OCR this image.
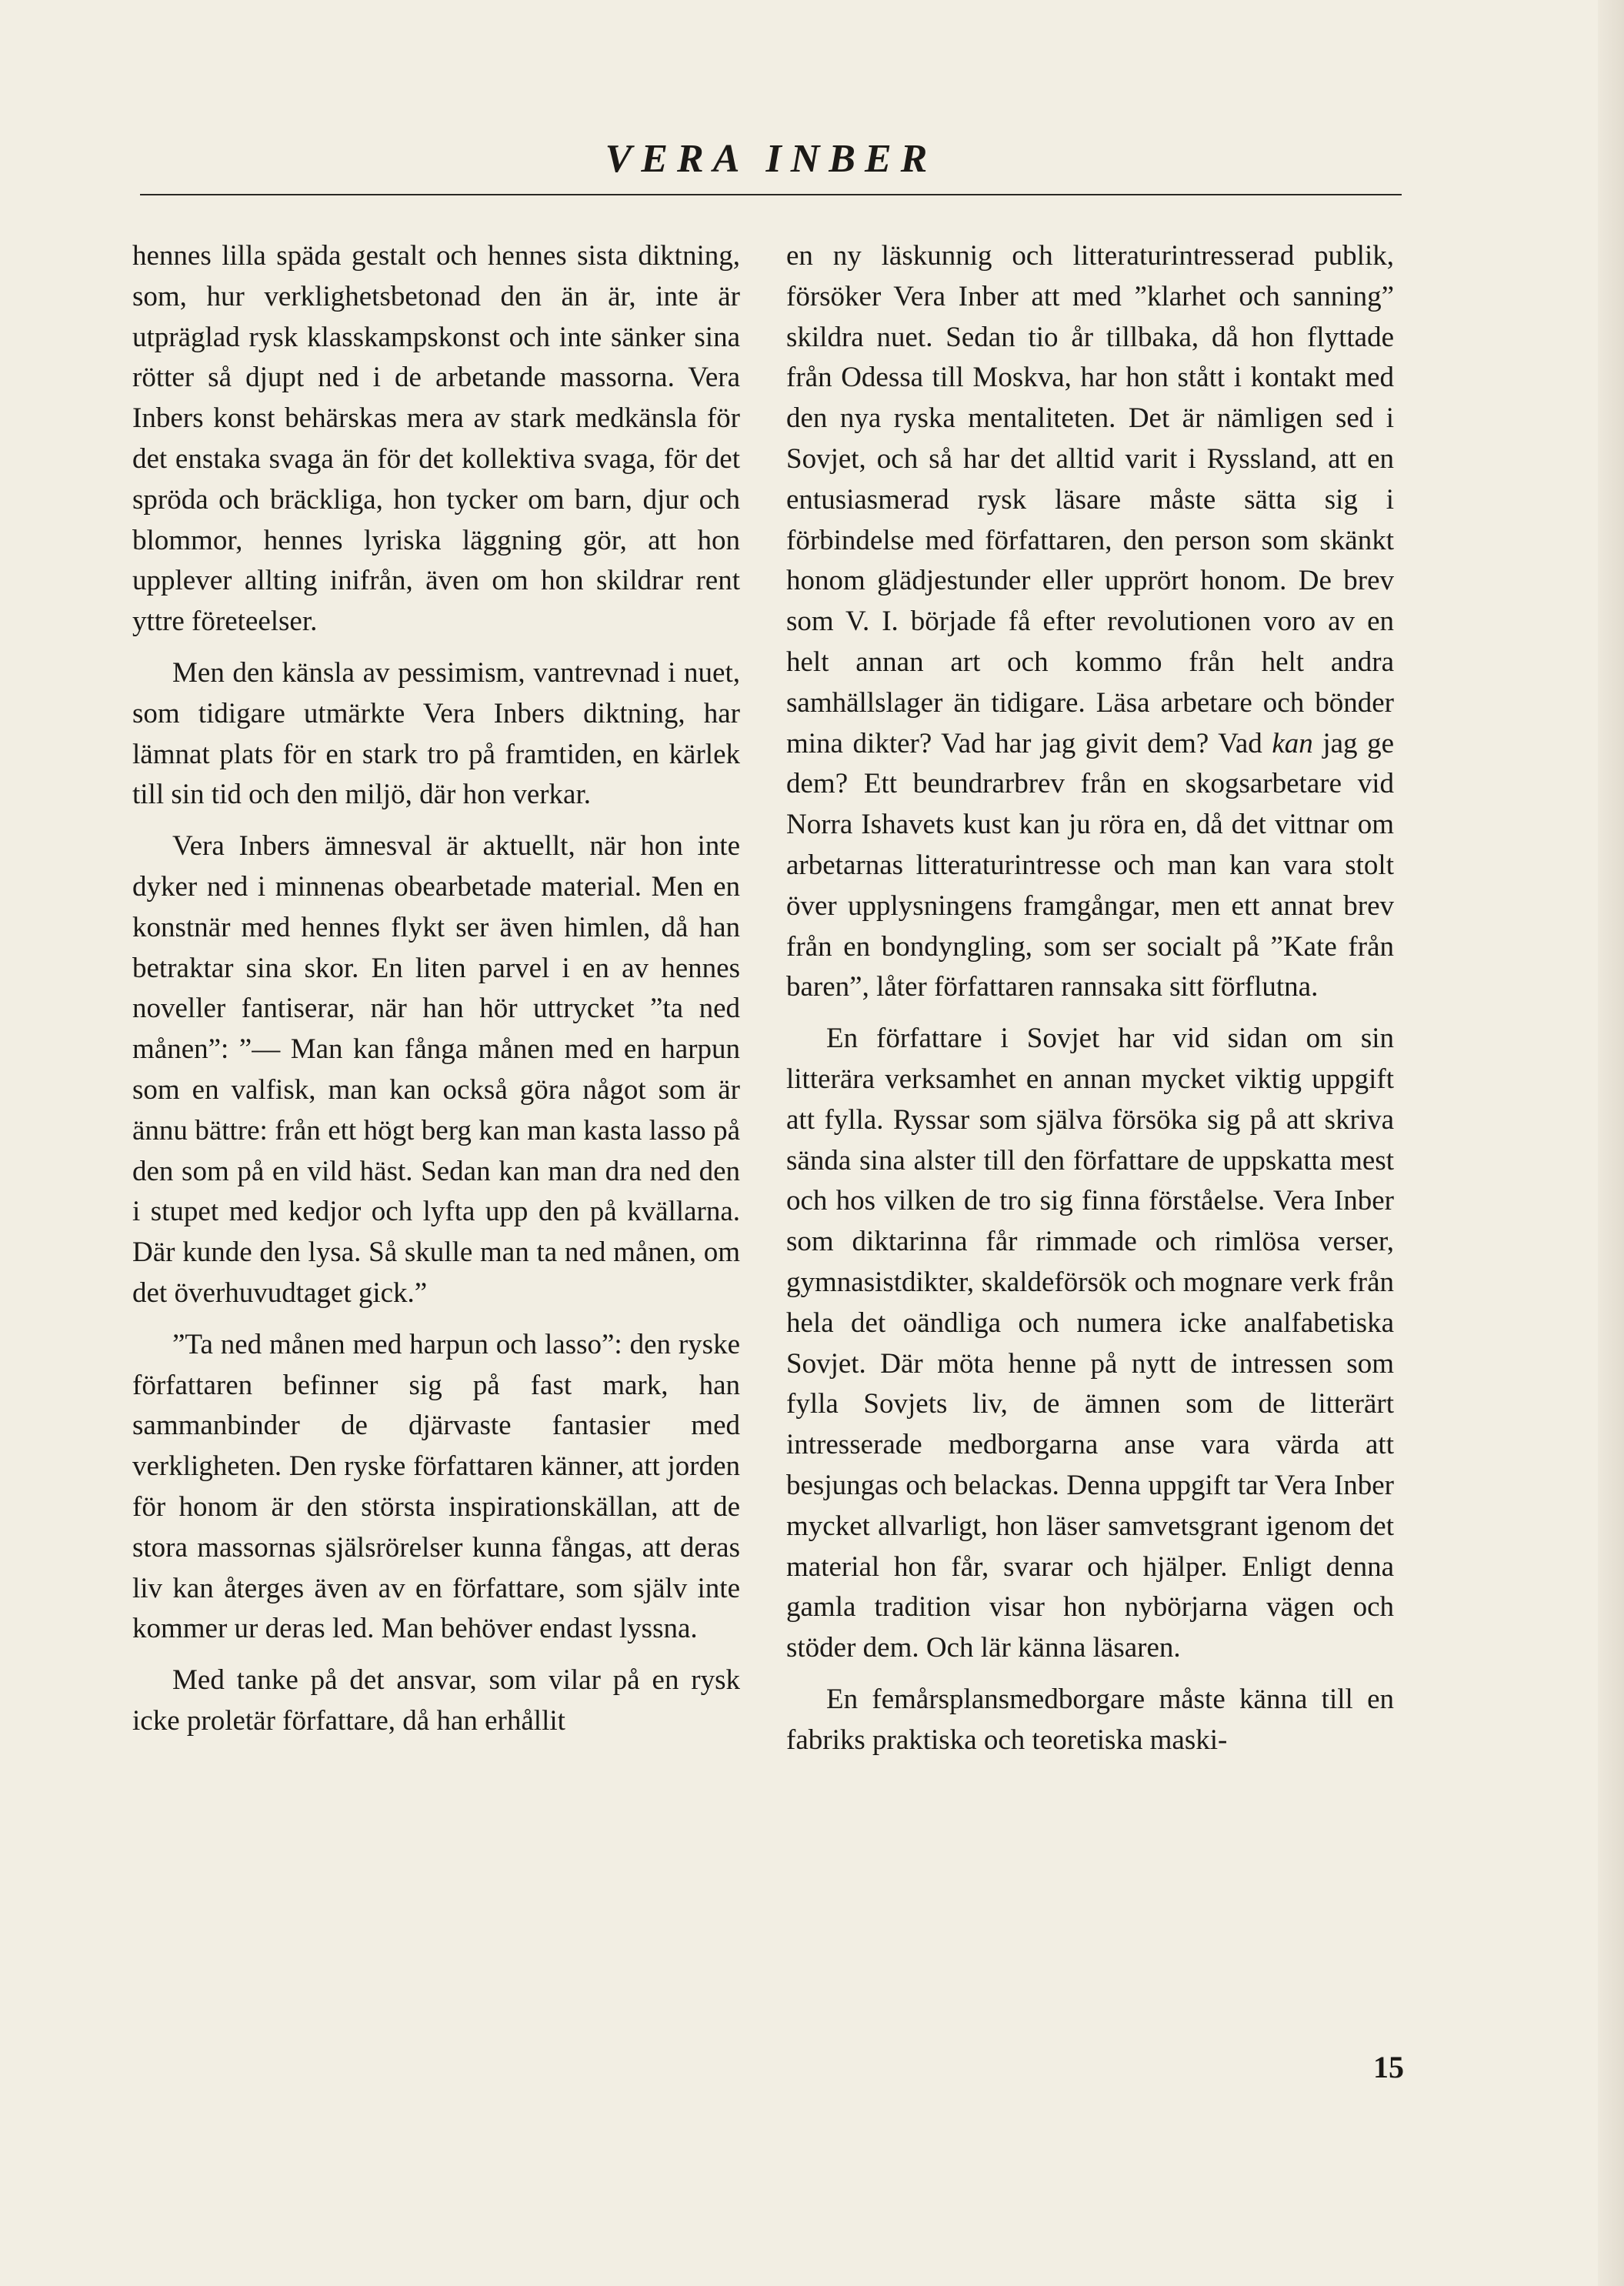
VERA INBER

hennes lilla späda gestalt och hennes sista diktning, som, hur verklighetsbetonad den än är, inte är utpräglad rysk klasskampskonst och inte sänker sina rötter så djupt ned i de arbetande massorna. Vera Inbers konst behärskas mera av stark medkänsla för det enstaka svaga än för det kollektiva svaga, för det spröda och bräckliga, hon tycker om barn, djur och blommor, hennes lyriska läggning gör, att hon upplever allting inifrån, även om hon skildrar rent yttre företeelser.

Men den känsla av pessimism, vantrevnad i nuet, som tidigare utmärkte Vera Inbers diktning, har lämnat plats för en stark tro på framtiden, en kärlek till sin tid och den miljö, där hon verkar.

Vera Inbers ämnesval är aktuellt, när hon inte dyker ned i minnenas obearbetade material. Men en konstnär med hennes flykt ser även himlen, då han betraktar sina skor. En liten parvel i en av hennes noveller fantiserar, när han hör uttrycket ”ta ned månen”: ”— Man kan fånga månen med en harpun som en valfisk, man kan också göra något som är ännu bättre: från ett högt berg kan man kasta lasso på den som på en vild häst. Sedan kan man dra ned den i stupet med kedjor och lyfta upp den på kvällarna. Där kunde den lysa. Så skulle man ta ned månen, om det överhuvudtaget gick.”

”Ta ned månen med harpun och lasso”: den ryske författaren befinner sig på fast mark, han sammanbinder de djärvaste fantasier med verkligheten. Den ryske författaren känner, att jorden för honom är den största inspirationskällan, att de stora massornas själsrörelser kunna fångas, att deras liv kan återges även av en författare, som själv inte kommer ur deras led. Man behöver endast lyssna.

Med tanke på det ansvar, som vilar på en rysk icke proletär författare, då han erhållit

en ny läskunnig och litteraturintresserad publik, försöker Vera Inber att med ”klarhet och sanning” skildra nuet. Sedan tio år tillbaka, då hon flyttade från Odessa till Moskva, har hon stått i kontakt med den nya ryska mentaliteten. Det är nämligen sed i Sovjet, och så har det alltid varit i Ryssland, att en entusiasmerad rysk läsare måste sätta sig i förbindelse med författaren, den person som skänkt honom glädjestunder eller upprört honom. De brev som V. I. började få efter revolutionen voro av en helt annan art och kommo från helt andra samhällslager än tidigare. Läsa arbetare och bönder mina dikter? Vad har jag givit dem? Vad kan jag ge dem? Ett beundrarbrev från en skogsarbetare vid Norra Ishavets kust kan ju röra en, då det vittnar om arbetarnas litteraturintresse och man kan vara stolt över upplysningens framgångar, men ett annat brev från en bondyngling, som ser socialt på ”Kate från baren”, låter författaren rannsaka sitt förflutna.

En författare i Sovjet har vid sidan om sin litterära verksamhet en annan mycket viktig uppgift att fylla. Ryssar som själva försöka sig på att skriva sända sina alster till den författare de uppskatta mest och hos vilken de tro sig finna förståelse. Vera Inber som diktarinna får rimmade och rimlösa verser, gymnasistdikter, skaldeförsök och mognare verk från hela det oändliga och numera icke analfabetiska Sovjet. Där möta henne på nytt de intressen som fylla Sovjets liv, de ämnen som de litterärt intresserade medborgarna anse vara värda att besjungas och belackas. Denna uppgift tar Vera Inber mycket allvarligt, hon läser samvetsgrant igenom det material hon får, svarar och hjälper. Enligt denna gamla tradition visar hon nybörjarna vägen och stöder dem. Och lär känna läsaren.

En femårsplansmedborgare måste känna till en fabriks praktiska och teoretiska maski-

15
